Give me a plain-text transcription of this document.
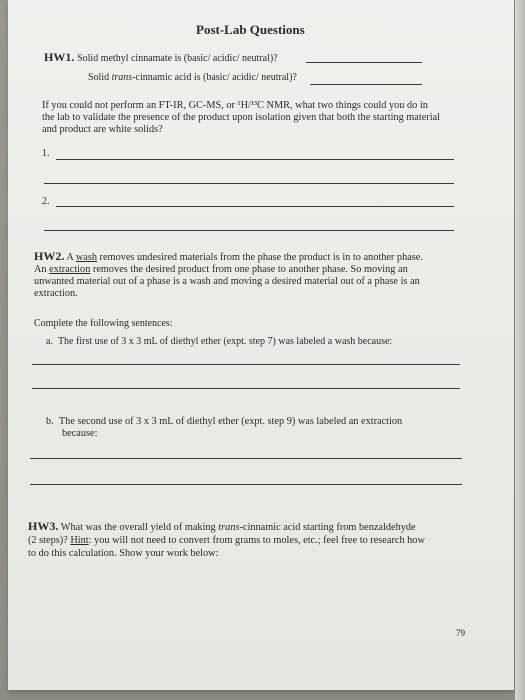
Post-Lab Questions
HW1. Solid methyl cinnamate is (basic/ acidic/ neutral)?
Solid trans-cinnamic acid is (basic/ acidic/ neutral)?
If you could not perform an FT-IR, GC-MS, or ¹H/¹³C NMR, what two things could you do in
the lab to validate the presence of the product upon isolation given that both the starting material
and product are white solids?
1.
2.
HW2. A wash removes undesired materials from the phase the product is in to another phase.
An extraction removes the desired product from one phase to another phase. So moving an
unwanted material out of a phase is a wash and moving a desired material out of a phase is an
extraction.
Complete the following sentences:
a. The first use of 3 x 3 mL of diethyl ether (expt. step 7) was labeled a wash because:
b. The second use of 3 x 3 mL of diethyl ether (expt. step 9) was labeled an extraction
because:
HW3. What was the overall yield of making trans-cinnamic acid starting from benzaldehyde
(2 steps)? Hint: you will not need to convert from grams to moles, etc.; feel free to research how
to do this calculation. Show your work below:
79
